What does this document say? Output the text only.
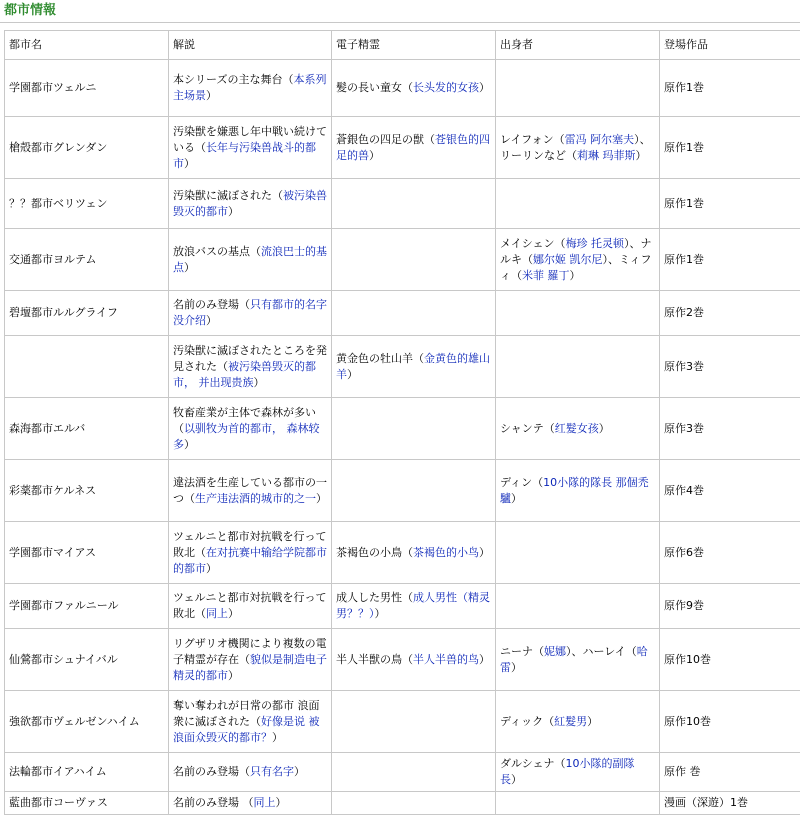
都市情報
都市名	解説	電子精霊	出身者	登場作品
学園都市ツェルニ	本シリーズの主な舞台（本系列主场景）	髪の長い童女（长头发的女孩）		原作1巻
槍殻都市グレンダン	汚染獣を嫌悪し年中戦い続けている（长年与污染兽战斗的都市）	蒼銀色の四足の獣（苍银色的四足的兽）	レイフォン（雷冯 阿尔塞夫）、リーリンなど（莉琳 玛菲斯）	原作1巻
？？都市ベリツェン	汚染獣に滅ぼされた（被污染兽毁灭的都市）			原作1巻
交通都市ヨルテム	放浪バスの基点（流浪巴士的基点）		メイシェン（梅珍 托灵顿）、ナルキ（娜尔姬 凯尔尼）、ミィフィ（米菲 羅丁）	原作1巻
碧壇都市ルルグライフ	名前のみ登場（只有都市的名字 没介绍）			原作2巻
	汚染獣に滅ぼされたところを発見された（被污染兽毁灭的都市， 并出现贵族）	黄金色の牡山羊（金黄色的雄山羊）		原作3巻
森海都市エルバ	牧畜産業が主体で森林が多い（以驯牧为首的都市， 森林较多）		シャンテ（红髮女孩）	原作3巻
彩薬都市ケルネス	違法酒を生産している都市の一つ（生产违法酒的城市的之一）		ディン（10小隊的隊長 那個禿驢）	原作4巻
学園都市マイアス	ツェルニと都市対抗戦を行って敗北（在对抗赛中输给学院都市的都市）	茶褐色の小鳥（茶褐色的小鸟）		原作6巻
学園都市ファルニール	ツェルニと都市対抗戦を行って敗北（同上）	成人した男性（成人男性（精灵男？？））		原作9巻
仙鶯都市シュナイバル	リグザリオ機関により複数の電子精霊が存在（貌似是制造电子精灵的都市）	半人半獣の鳥（半人半兽的鸟）	ニーナ（妮娜）、ハーレイ（哈雷）	原作10巻
強欲都市ヴェルゼンハイム	奪い奪われが日常の都市 浪面衆に滅ぼされた（好像是说 被浪面众毁灭的都市？）		ディック（紅髮男）	原作10巻
法輪都市イアハイム	名前のみ登場（只有名字）		ダルシェナ（10小隊的副隊長）	原作 巻
藍曲都市コーヴァス	名前のみ登場 （同上）			漫画（深遊）1巻
